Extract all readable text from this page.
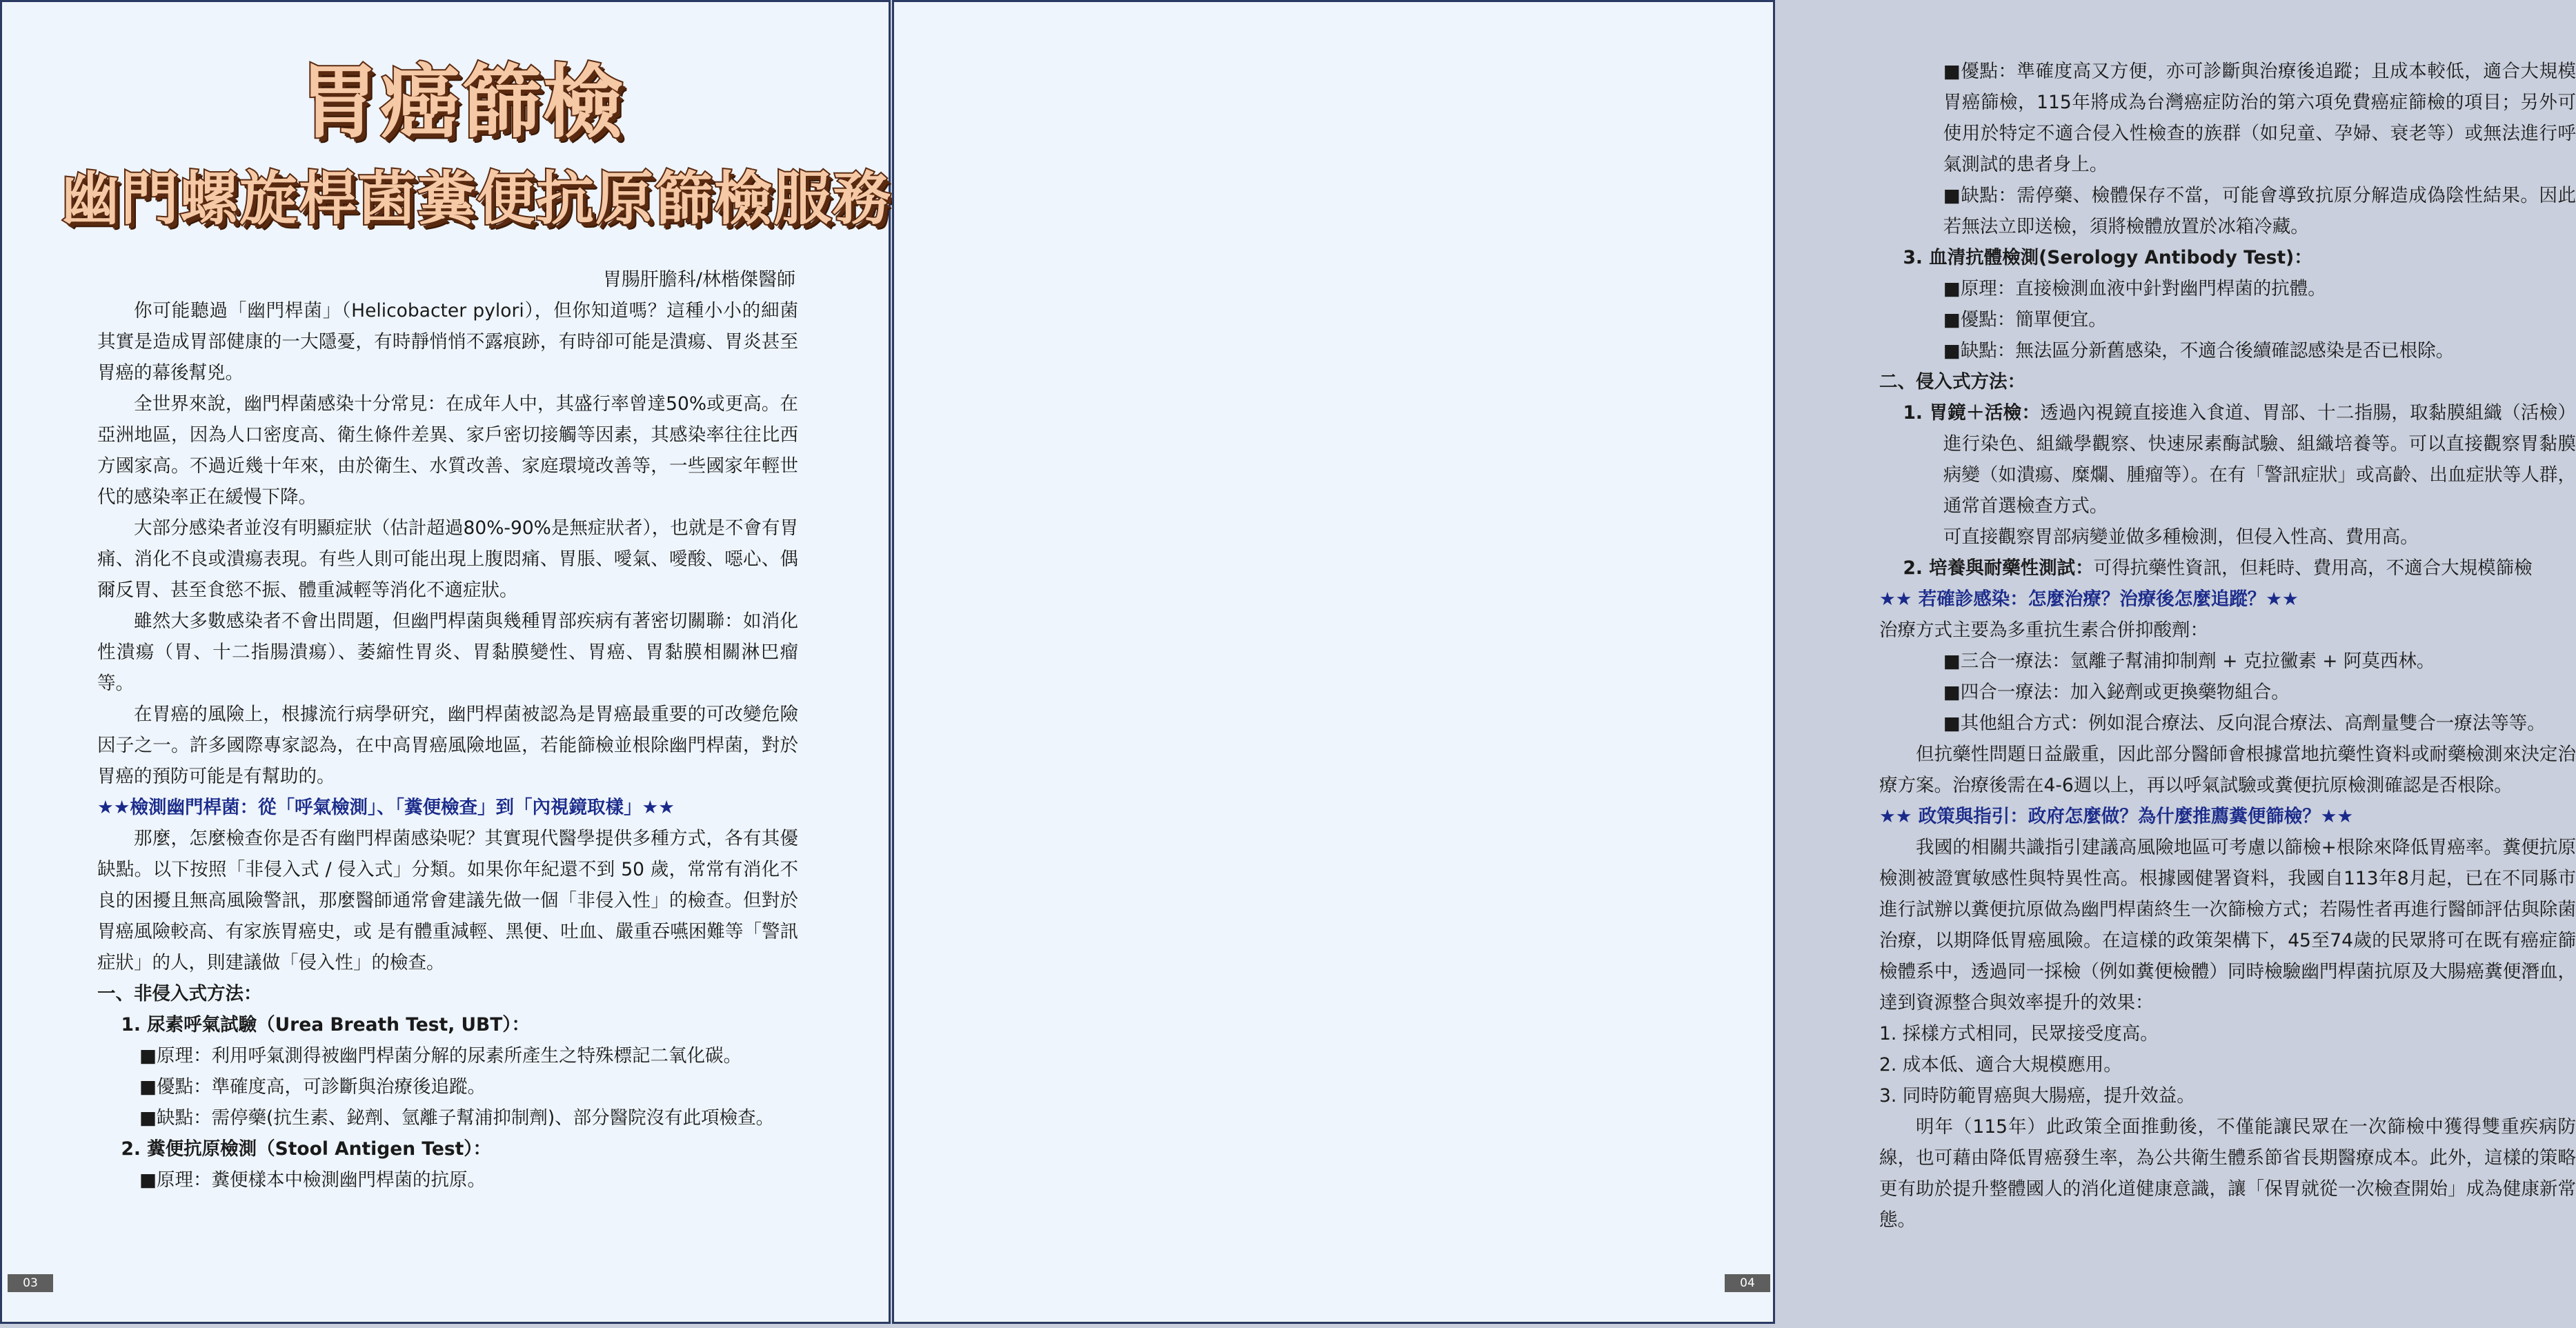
胃癌篩檢
幽門螺旋桿菌糞便抗原篩檢服務
胃腸肝膽科/林楷傑醫師

你可能聽過「幽門桿菌」（Helicobacter pylori），但你知道嗎？這種小小的細菌其實是造成胃部健康的一大隱憂，有時靜悄悄不露痕跡，有時卻可能是潰瘍、胃炎甚至胃癌的幕後幫兇。

全世界來說，幽門桿菌感染十分常見：在成年人中，其盛行率曾達50%或更高。在亞洲地區，因為人口密度高、衛生條件差異、家戶密切接觸等因素，其感染率往往比西方國家高。不過近幾十年來，由於衛生、水質改善、家庭環境改善等，一些國家年輕世代的感染率正在緩慢下降。

大部分感染者並沒有明顯症狀（估計超過80%-90%是無症狀者），也就是不會有胃痛、消化不良或潰瘍表現。有些人則可能出現上腹悶痛、胃脹、噯氣、噯酸、噁心、偶爾反胃、甚至食慾不振、體重減輕等消化不適症狀。

雖然大多數感染者不會出問題，但幽門桿菌與幾種胃部疾病有著密切關聯：如消化性潰瘍（胃、十二指腸潰瘍）、萎縮性胃炎、胃黏膜變性、胃癌、胃黏膜相關淋巴瘤等。

在胃癌的風險上，根據流行病學研究，幽門桿菌被認為是胃癌最重要的可改變危險因子之一。許多國際專家認為，在中高胃癌風險地區，若能篩檢並根除幽門桿菌，對於胃癌的預防可能是有幫助的。

★★檢測幽門桿菌：從「呼氣檢測」、「糞便檢查」到「內視鏡取樣」★★

那麼，怎麼檢查你是否有幽門桿菌感染呢？其實現代醫學提供多種方式，各有其優缺點。以下按照「非侵入式 / 侵入式」分類。如果你年紀還不到 50 歲，常常有消化不良的困擾且無高風險警訊，那麼醫師通常會建議先做一個「非侵入性」的檢查。但對於胃癌風險較高、有家族胃癌史，或 是有體重減輕、黑便、吐血、嚴重吞嚥困難等「警訊症狀」的人，則建議做「侵入性」的檢查。

一、非侵入式方法：

1. 尿素呼氣試驗（Urea Breath Test, UBT）：

■原理：利用呼氣測得被幽門桿菌分解的尿素所產生之特殊標記二氧化碳。

■優點：準確度高，可診斷與治療後追蹤。

■缺點：需停藥(抗生素、鉍劑、氫離子幫浦抑制劑)、部分醫院沒有此項檢查。

2. 糞便抗原檢測（Stool Antigen Test）：

■原理：糞便樣本中檢測幽門桿菌的抗原。

03

■優點：準確度高又方便，亦可診斷與治療後追蹤；且成本較低，適合大規模胃癌篩檢，115年將成為台灣癌症防治的第六項免費癌症篩檢的項目；另外可使用於特定不適合侵入性檢查的族群（如兒童、孕婦、衰老等）或無法進行呼氣測試的患者身上。

■缺點：需停藥、檢體保存不當，可能會導致抗原分解造成偽陰性結果。因此若無法立即送檢，須將檢體放置於冰箱冷藏。

3. 血清抗體檢測(Serology Antibody Test)：

■原理：直接檢測血液中針對幽門桿菌的抗體。

■優點：簡單便宜。

■缺點：無法區分新舊感染，不適合後續確認感染是否已根除。

二、侵入式方法：

1. 胃鏡＋活檢：透過內視鏡直接進入食道、胃部、十二指腸，取黏膜組織（活檢）進行染色、組織學觀察、快速尿素酶試驗、組織培養等。可以直接觀察胃黏膜病變（如潰瘍、糜爛、腫瘤等）。在有「警訊症狀」或高齡、出血症狀等人群，通常首選檢查方式。

可直接觀察胃部病變並做多種檢測，但侵入性高、費用高。

2. 培養與耐藥性測試：可得抗藥性資訊，但耗時、費用高，不適合大規模篩檢

★★ 若確診感染：怎麼治療？治療後怎麼追蹤？★★

治療方式主要為多重抗生素合併抑酸劑：

■三合一療法：氫離子幫浦抑制劑 + 克拉黴素 + 阿莫西林。

■四合一療法：加入鉍劑或更換藥物組合。

■其他組合方式：例如混合療法、反向混合療法、高劑量雙合一療法等等。

但抗藥性問題日益嚴重，因此部分醫師會根據當地抗藥性資料或耐藥檢測來決定治療方案。治療後需在4-6週以上，再以呼氣試驗或糞便抗原檢測確認是否根除。

★★ 政策與指引：政府怎麼做？為什麼推薦糞便篩檢？★★

我國的相關共識指引建議高風險地區可考慮以篩檢+根除來降低胃癌率。糞便抗原檢測被證實敏感性與特異性高。根據國健署資料，我國自113年8月起，已在不同縣市進行試辦以糞便抗原做為幽門桿菌終生一次篩檢方式；若陽性者再進行醫師評估與除菌治療，以期降低胃癌風險。在這樣的政策架構下，45至74歲的民眾將可在既有癌症篩檢體系中，透過同一採檢（例如糞便檢體）同時檢驗幽門桿菌抗原及大腸癌糞便潛血，達到資源整合與效率提升的效果：

1. 採樣方式相同，民眾接受度高。

2. 成本低、適合大規模應用。

3. 同時防範胃癌與大腸癌，提升效益。

明年（115年）此政策全面推動後，不僅能讓民眾在一次篩檢中獲得雙重疾病防線，也可藉由降低胃癌發生率，為公共衛生體系節省長期醫療成本。此外，這樣的策略更有助於提升整體國人的消化道健康意識，讓「保胃就從一次檢查開始」成為健康新常態。

04
